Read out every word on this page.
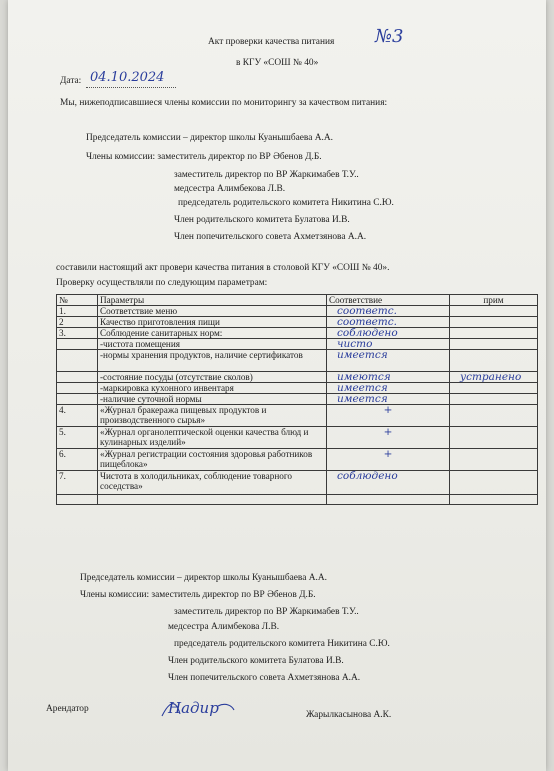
Акт проверки качества питания №3
в КГУ «СОШ № 40»
Дата: 04.10.2024
Мы, нижеподписавшиеся члены комиссии по мониторингу за качеством питания:
Председатель комиссии – директор школы Куанышбаева А.А.
Члены комиссии: заместитель директор по ВР Әбенов Д.Б.
заместитель директор по ВР Жаркимабев Т.У..
медсестра Алимбекова Л.В.
председатель родительского комитета Никитина С.Ю.
Член родительского комитета Булатова И.В.
Член попечительского совета Ахметзянова А.А.
составили настоящий акт провери качества питания в столовой КГУ «СОШ № 40».
Проверку осуществляли по следующим параметрам:
№	Параметры	Соответствие	прим
1.	Соответствие меню	соответс.	

2	Качество приготовления пищи	соответс.	

3.	Соблюдение санитарных норм:	соблюдено	

	-чистота помещения	чисто	

	-нормы хранения продуктов, наличие сертификатов	имеется	

	-состояние посуды (отсутствие сколов)	имеются	устранено

	-маркировка кухонного инвентаря	имеется	

	-наличие суточной нормы	имеется	

4.	«Журнал бракеража пищевых продуктов и производственного сырья»	+	

5.	«Журнал органолептической оценки качества блюд и кулинарных изделий»	+	

6.	«Журнал регистрации состояния здоровья работников пищеблока»	+	

7.	Чистота в холодильниках, соблюдение товарного соседства»	соблюдено	

Председатель комиссии – директор школы Куанышбаева А.А.
Члены комиссии: заместитель директор по ВР Әбенов Д.Б.
заместитель директор по ВР Жаркимабев Т.У..
медсестра Алимбекова Л.В.
председатель родительского комитета Никитина С.Ю.
Член родительского комитета Булатова И.В.
Член попечительского совета Ахметзянова А.А.
Арендатор	Надир	Жарылкасынова А.К.
